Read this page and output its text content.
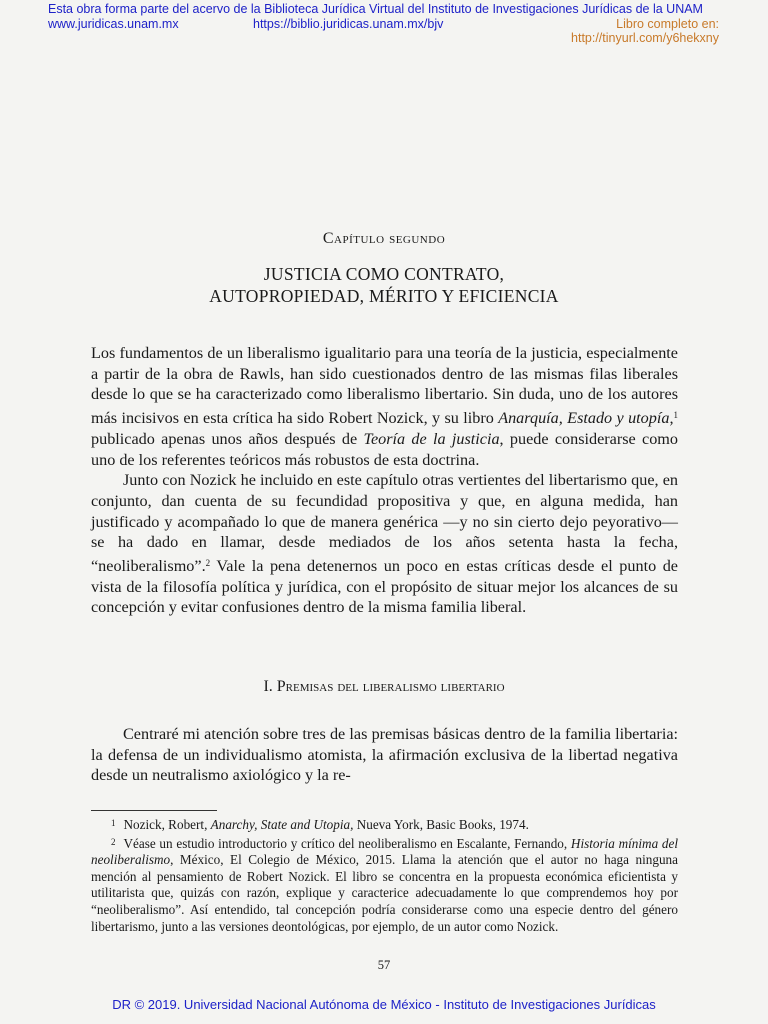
Esta obra forma parte del acervo de la Biblioteca Jurídica Virtual del Instituto de Investigaciones Jurídicas de la UNAM
www.juridicas.unam.mx	https://biblio.juridicas.unam.mx/bjv	Libro completo en:
http://tinyurl.com/y6hekxny
Capítulo segundo
JUSTICIA COMO CONTRATO,
AUTOPROPIEDAD, MÉRITO Y EFICIENCIA

Los fundamentos de un liberalismo igualitario para una teoría de la justicia, especialmente a partir de la obra de Rawls, han sido cuestionados dentro de las mismas filas liberales desde lo que se ha caracterizado como liberalismo libertario. Sin duda, uno de los autores más incisivos en esta crítica ha sido Robert Nozick, y su libro Anarquía, Estado y utopía,$^1$ publicado apenas unos años después de Teoría de la justicia, puede considerarse como uno de los referentes teóricos más robustos de esta doctrina.

Junto con Nozick he incluido en este capítulo otras vertientes del libertarismo que, en conjunto, dan cuenta de su fecundidad propositiva y que, en alguna medida, han justificado y acompañado lo que de manera genérica —y no sin cierto dejo peyorativo— se ha dado en llamar, desde mediados de los años setenta hasta la fecha, “neoliberalismo”.$^2$ Vale la pena detenernos un poco en estas críticas desde el punto de vista de la filosofía política y jurídica, con el propósito de situar mejor los alcances de su concepción y evitar confusiones dentro de la misma familia liberal.

I. Premisas del liberalismo libertario

Centraré mi atención sobre tres de las premisas básicas dentro de la familia libertaria: la defensa de un individualismo atomista, la afirmación exclusiva de la libertad negativa desde un neutralismo axiológico y la re-

$^1$ Nozick, Robert, Anarchy, State and Utopia, Nueva York, Basic Books, 1974.

$^2$ Véase un estudio introductorio y crítico del neoliberalismo en Escalante, Fernando, Historia mínima del neoliberalismo, México, El Colegio de México, 2015. Llama la atención que el autor no haga ninguna mención al pensamiento de Robert Nozick. El libro se concentra en la propuesta económica eficientista y utilitarista que, quizás con razón, explique y caracterice adecuadamente lo que comprendemos hoy por “neoliberalismo”. Así entendido, tal concepción podría considerarse como una especie dentro del género libertarismo, junto a las versiones deontológicas, por ejemplo, de un autor como Nozick.

57
DR © 2019. Universidad Nacional Autónoma de México - Instituto de Investigaciones Jurídicas
